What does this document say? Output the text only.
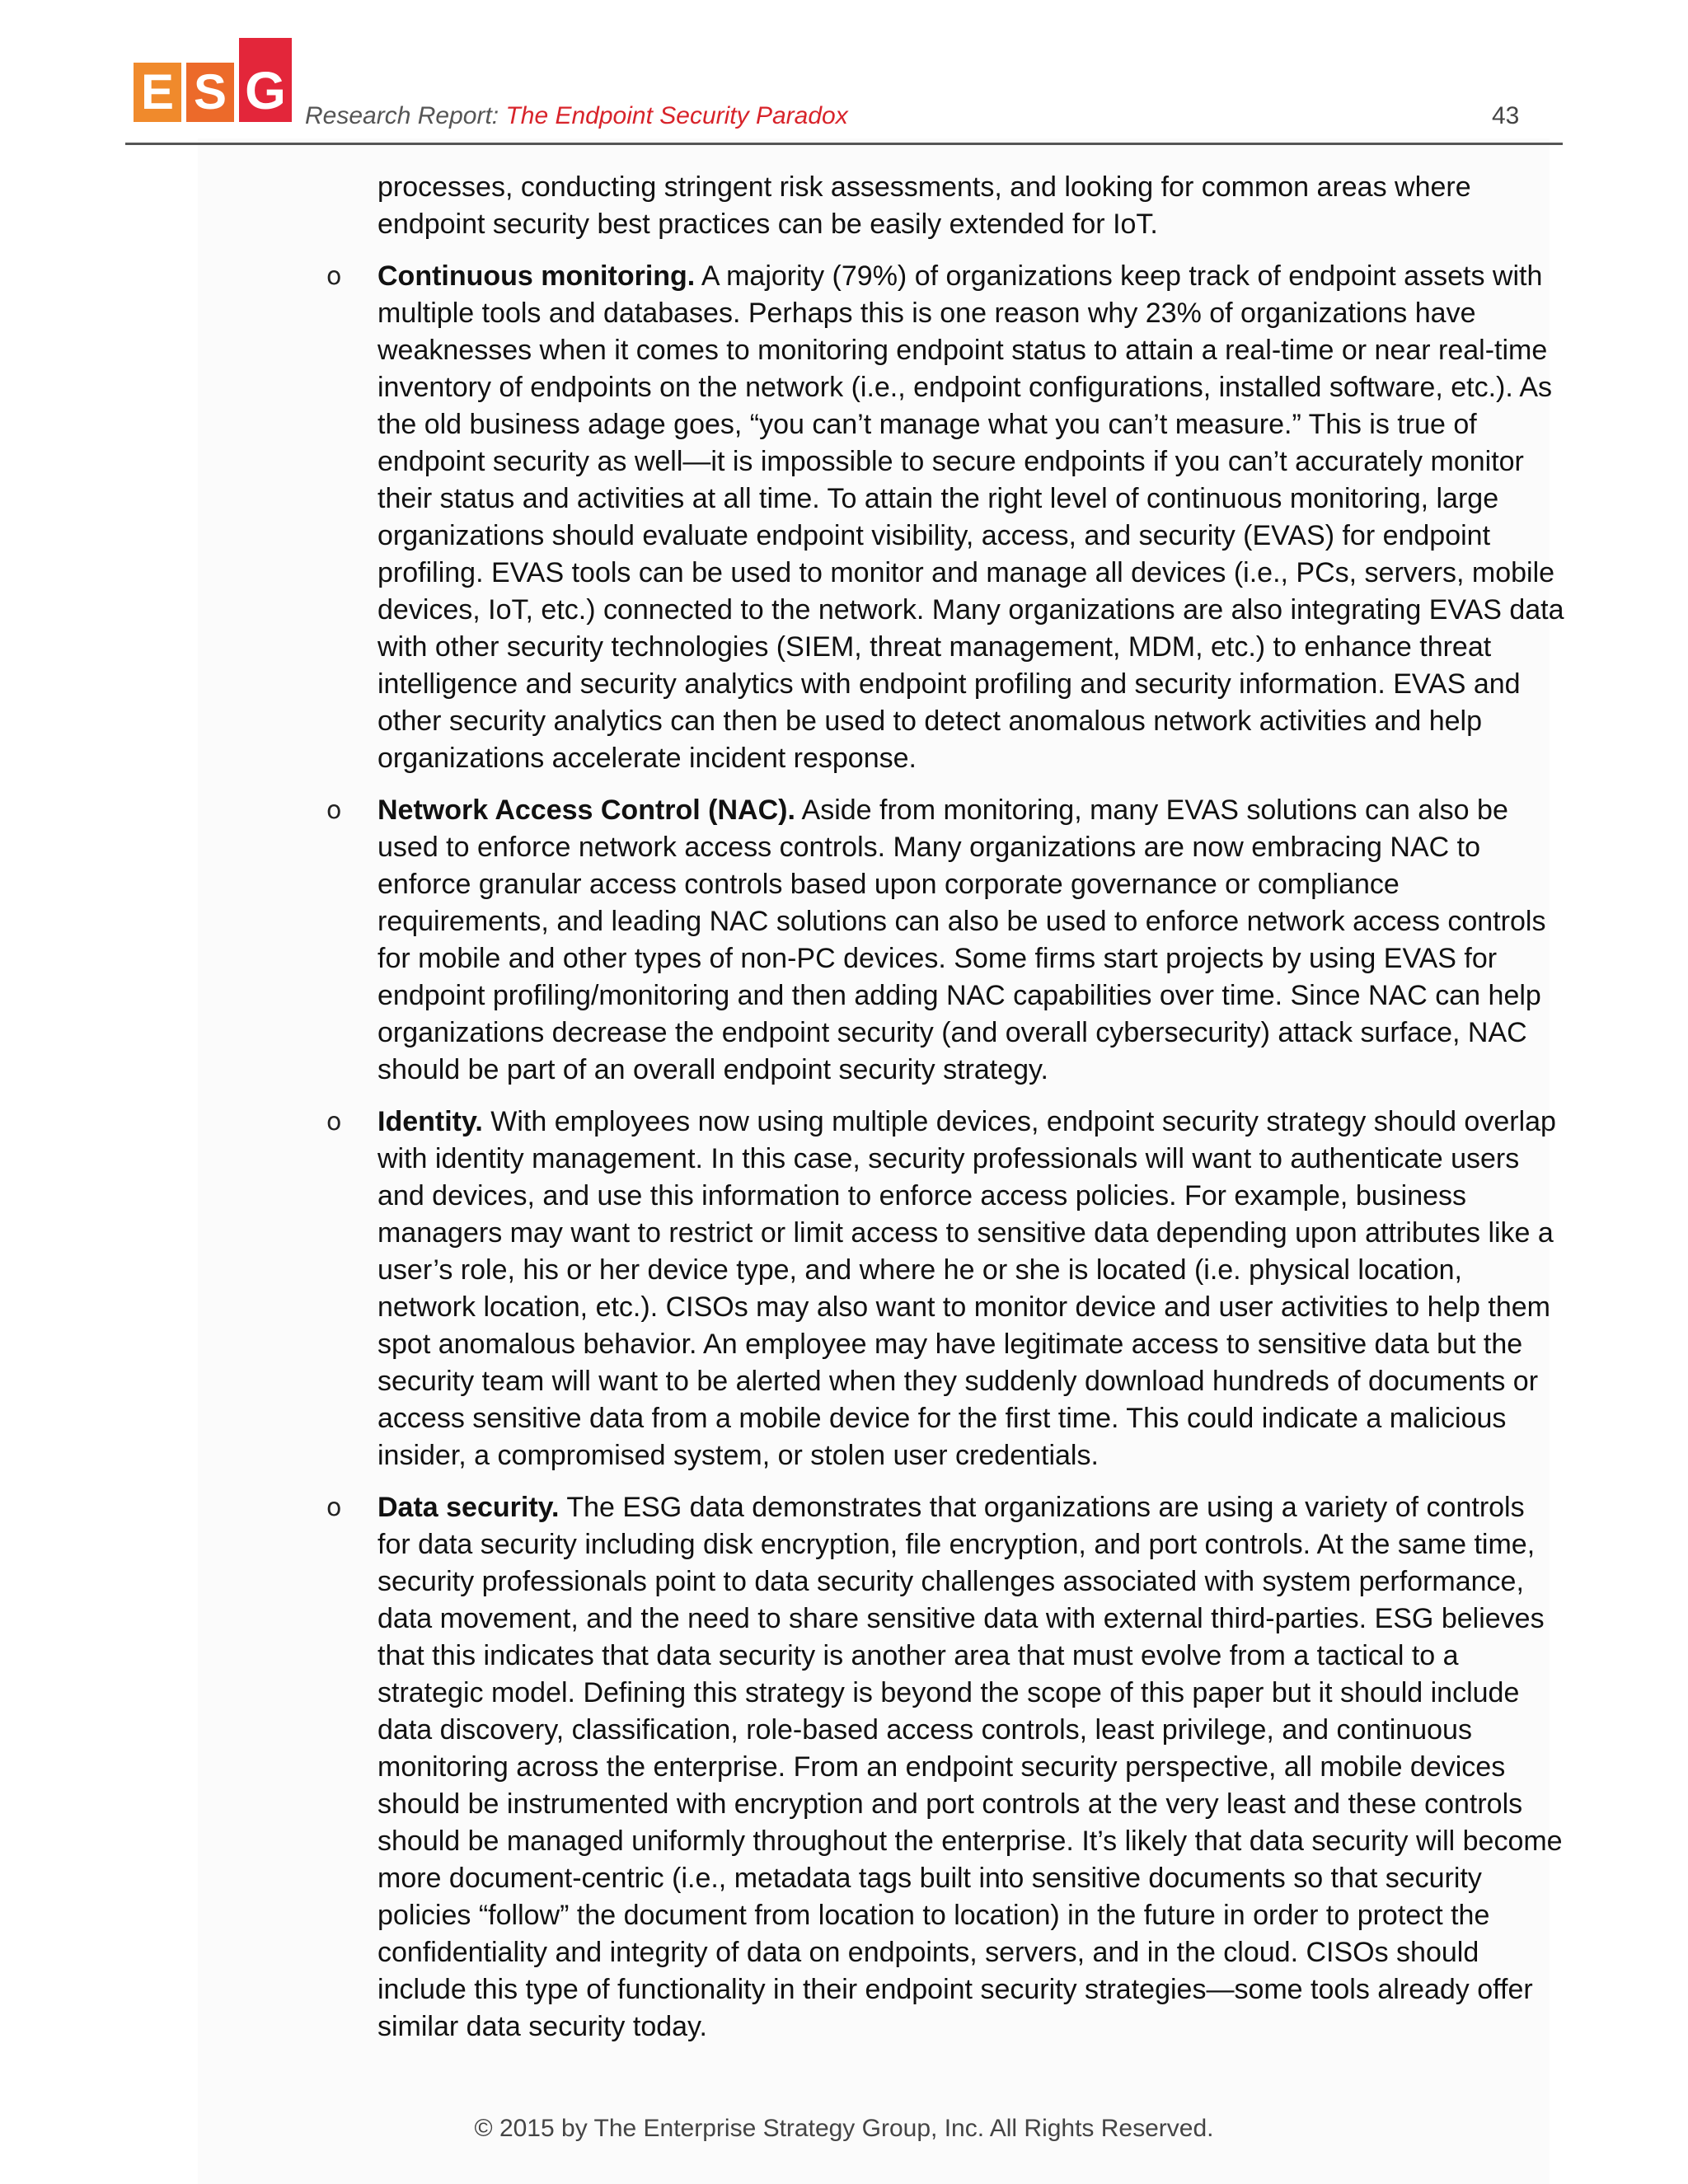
E S G Research Report: The Endpoint Security Paradox	43
processes, conducting stringent risk assessments, and looking for common areas where endpoint security best practices can be easily extended for IoT.
o Continuous monitoring. A majority (79%) of organizations keep track of endpoint assets with multiple tools and databases. Perhaps this is one reason why 23% of organizations have weaknesses when it comes to monitoring endpoint status to attain a real-time or near real-time inventory of endpoints on the network (i.e., endpoint configurations, installed software, etc.). As the old business adage goes, “you can’t manage what you can’t measure.” This is true of endpoint security as well—it is impossible to secure endpoints if you can’t accurately monitor their status and activities at all time. To attain the right level of continuous monitoring, large organizations should evaluate endpoint visibility, access, and security (EVAS) for endpoint profiling. EVAS tools can be used to monitor and manage all devices (i.e., PCs, servers, mobile devices, IoT, etc.) connected to the network. Many organizations are also integrating EVAS data with other security technologies (SIEM, threat management, MDM, etc.) to enhance threat intelligence and security analytics with endpoint profiling and security information. EVAS and other security analytics can then be used to detect anomalous network activities and help organizations accelerate incident response.
o Network Access Control (NAC). Aside from monitoring, many EVAS solutions can also be used to enforce network access controls. Many organizations are now embracing NAC to enforce granular access controls based upon corporate governance or compliance requirements, and leading NAC solutions can also be used to enforce network access controls for mobile and other types of non-PC devices. Some firms start projects by using EVAS for endpoint profiling/monitoring and then adding NAC capabilities over time. Since NAC can help organizations decrease the endpoint security (and overall cybersecurity) attack surface, NAC should be part of an overall endpoint security strategy.
o Identity. With employees now using multiple devices, endpoint security strategy should overlap with identity management. In this case, security professionals will want to authenticate users and devices, and use this information to enforce access policies. For example, business managers may want to restrict or limit access to sensitive data depending upon attributes like a user’s role, his or her device type, and where he or she is located (i.e. physical location, network location, etc.). CISOs may also want to monitor device and user activities to help them spot anomalous behavior. An employee may have legitimate access to sensitive data but the security team will want to be alerted when they suddenly download hundreds of documents or access sensitive data from a mobile device for the first time. This could indicate a malicious insider, a compromised system, or stolen user credentials.
o Data security. The ESG data demonstrates that organizations are using a variety of controls for data security including disk encryption, file encryption, and port controls. At the same time, security professionals point to data security challenges associated with system performance, data movement, and the need to share sensitive data with external third-parties. ESG believes that this indicates that data security is another area that must evolve from a tactical to a strategic model. Defining this strategy is beyond the scope of this paper but it should include data discovery, classification, role-based access controls, least privilege, and continuous monitoring across the enterprise. From an endpoint security perspective, all mobile devices should be instrumented with encryption and port controls at the very least and these controls should be managed uniformly throughout the enterprise. It’s likely that data security will become more document-centric (i.e., metadata tags built into sensitive documents so that security policies “follow” the document from location to location) in the future in order to protect the confidentiality and integrity of data on endpoints, servers, and in the cloud. CISOs should include this type of functionality in their endpoint security strategies—some tools already offer similar data security today.
© 2015 by The Enterprise Strategy Group, Inc. All Rights Reserved.
